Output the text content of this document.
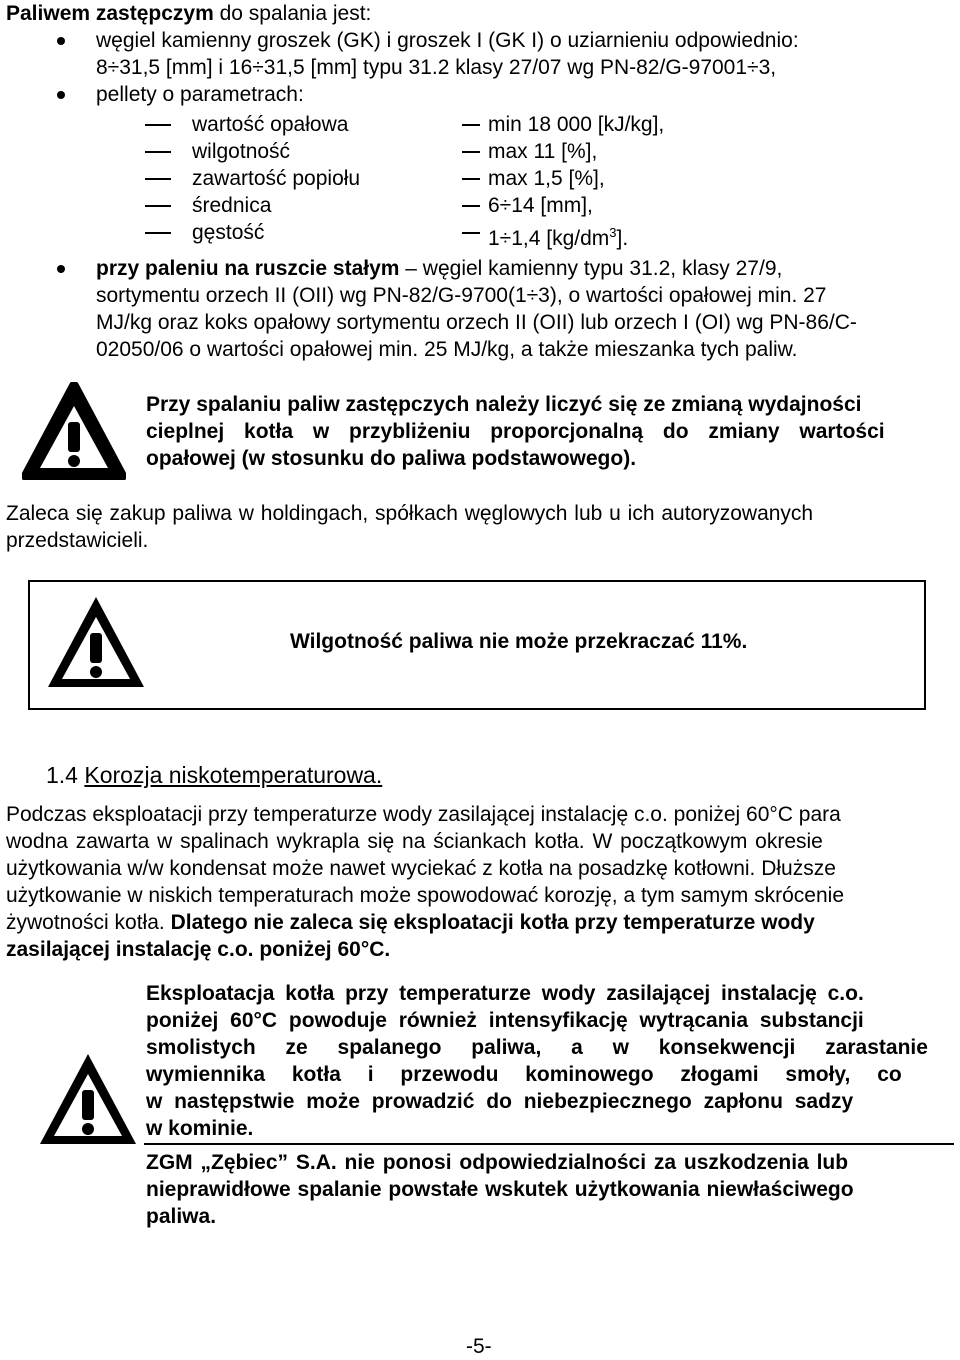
Paliwem zastępczym do spalania jest:
węgiel kamienny groszek (GK) i groszek I (GK I) o uziarnieniu odpowiednio:
8÷31,5 [mm] i 16÷31,5 [mm] typu 31.2 klasy 27/07 wg PN-82/G-97001÷3,
pellety o parametrach:
wartość opałowa	min 18 000 [kJ/kg],
wilgotność	max 11 [%],
zawartość popiołu	max 1,5 [%],
średnica	6÷14 [mm],
gęstość	1÷1,4 $[kg/dm^3]$.
przy paleniu na ruszcie stałym – węgiel kamienny typu 31.2, klasy 27/9,
sortymentu orzech II (OII) wg PN-82/G-9700(1÷3), o wartości opałowej min. 27
MJ/kg oraz koks opałowy sortymentu orzech II (OII) lub orzech I (OI) wg PN-86/C-
02050/06 o wartości opałowej min. 25 MJ/kg, a także mieszanka tych paliw.
Przy spalaniu paliw zastępczych należy liczyć się ze zmianą wydajności
cieplnej kotła w przybliżeniu proporcjonalną do zmiany wartości
opałowej (w stosunku do paliwa podstawowego).
Zaleca się zakup paliwa w holdingach, spółkach węglowych lub u ich autoryzowanych
przedstawicieli.
Wilgotność paliwa nie może przekraczać 11%.
1.4 Korozja niskotemperaturowa.
Podczas eksploatacji przy temperaturze wody zasilającej instalację c.o. poniżej 60°C para
wodna zawarta w spalinach wykrapla się na ściankach kotła. W początkowym okresie
użytkowania w/w kondensat może nawet wyciekać z kotła na posadzkę kotłowni. Dłuższe
użytkowanie w niskich temperaturach może spowodować korozję, a tym samym skrócenie
żywotności kotła. Dlatego nie zaleca się eksploatacji kotła przy temperaturze wody
zasilającej instalację c.o. poniżej 60°C.
Eksploatacja kotła przy temperaturze wody zasilającej instalację c.o.
poniżej 60°C powoduje również intensyfikację wytrącania substancji
smolistych ze spalanego paliwa, a w konsekwencji zarastanie
wymiennika kotła i przewodu kominowego złogami smoły, co
w następstwie może prowadzić do niebezpiecznego zapłonu sadzy
w kominie.
ZGM „Zębiec” S.A. nie ponosi odpowiedzialności za uszkodzenia lub
nieprawidłowe spalanie powstałe wskutek użytkowania niewłaściwego
paliwa.
-5-
